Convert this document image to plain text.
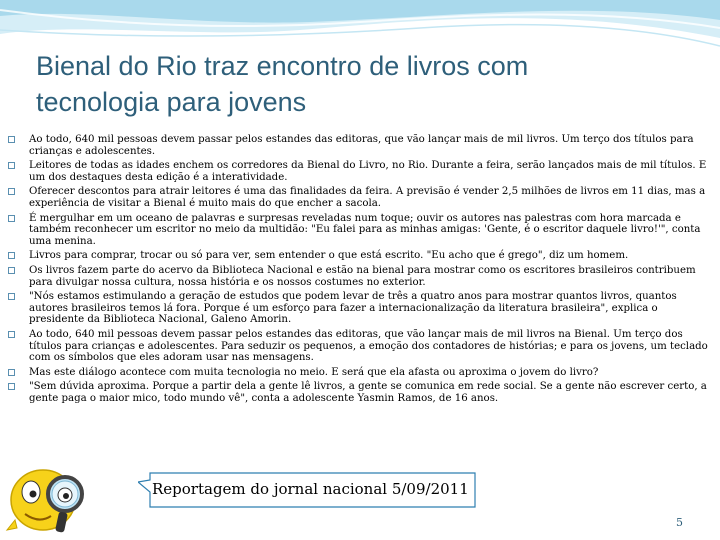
Bienal do Rio traz encontro de livros com
tecnologia para jovens
Ao todo, 640 mil pessoas devem passar pelos estandes das editoras, que vão lançar mais de mil livros. Um terço dos títulos para crianças e adolescentes.
Leitores de todas as idades enchem os corredores da Bienal do Livro, no Rio. Durante a feira, serão lançados mais de mil títulos. E um dos destaques desta edição é a interatividade.
Oferecer descontos para atrair leitores é uma das finalidades da feira. A previsão é vender 2,5 milhões de livros em 11 dias, mas a experiência de visitar a Bienal é muito mais do que encher a sacola.
É mergulhar em um oceano de palavras e surpresas reveladas num toque; ouvir os autores nas palestras com hora marcada e também reconhecer um escritor no meio da multidão: "Eu falei para as minhas amigas: 'Gente, é o escritor daquele livro!'", conta uma menina.
Livros para comprar, trocar ou só para ver, sem entender o que está escrito. "Eu acho que é grego", diz um homem.
Os livros fazem parte do acervo da Biblioteca Nacional e estão na bienal para mostrar como os escritores brasileiros contribuem para divulgar nossa cultura, nossa história e os nossos costumes no exterior.
"Nós estamos estimulando a geração de estudos que podem levar de três a quatro anos para mostrar quantos livros, quantos autores brasileiros temos lá fora. Porque é um esforço para fazer a internacionalização da literatura brasileira", explica o presidente da Biblioteca Nacional, Galeno Amorin.
Ao todo, 640 mil pessoas devem passar pelos estandes das editoras, que vão lançar mais de mil livros na Bienal. Um terço dos títulos para crianças e adolescentes. Para seduzir os pequenos, a emoção dos contadores de histórias; e para os jovens, um teclado com os símbolos que eles adoram usar nas mensagens.
Mas este diálogo acontece com muita tecnologia no meio. E será que ela afasta ou aproxima o jovem do livro?
"Sem dúvida aproxima. Porque a partir dela a gente lê livros, a gente se comunica em rede social. Se a gente não escrever certo, a gente paga o maior mico, todo mundo vê", conta a adolescente Yasmin Ramos, de 16 anos.
Reportagem do jornal nacional 5/09/2011
5
